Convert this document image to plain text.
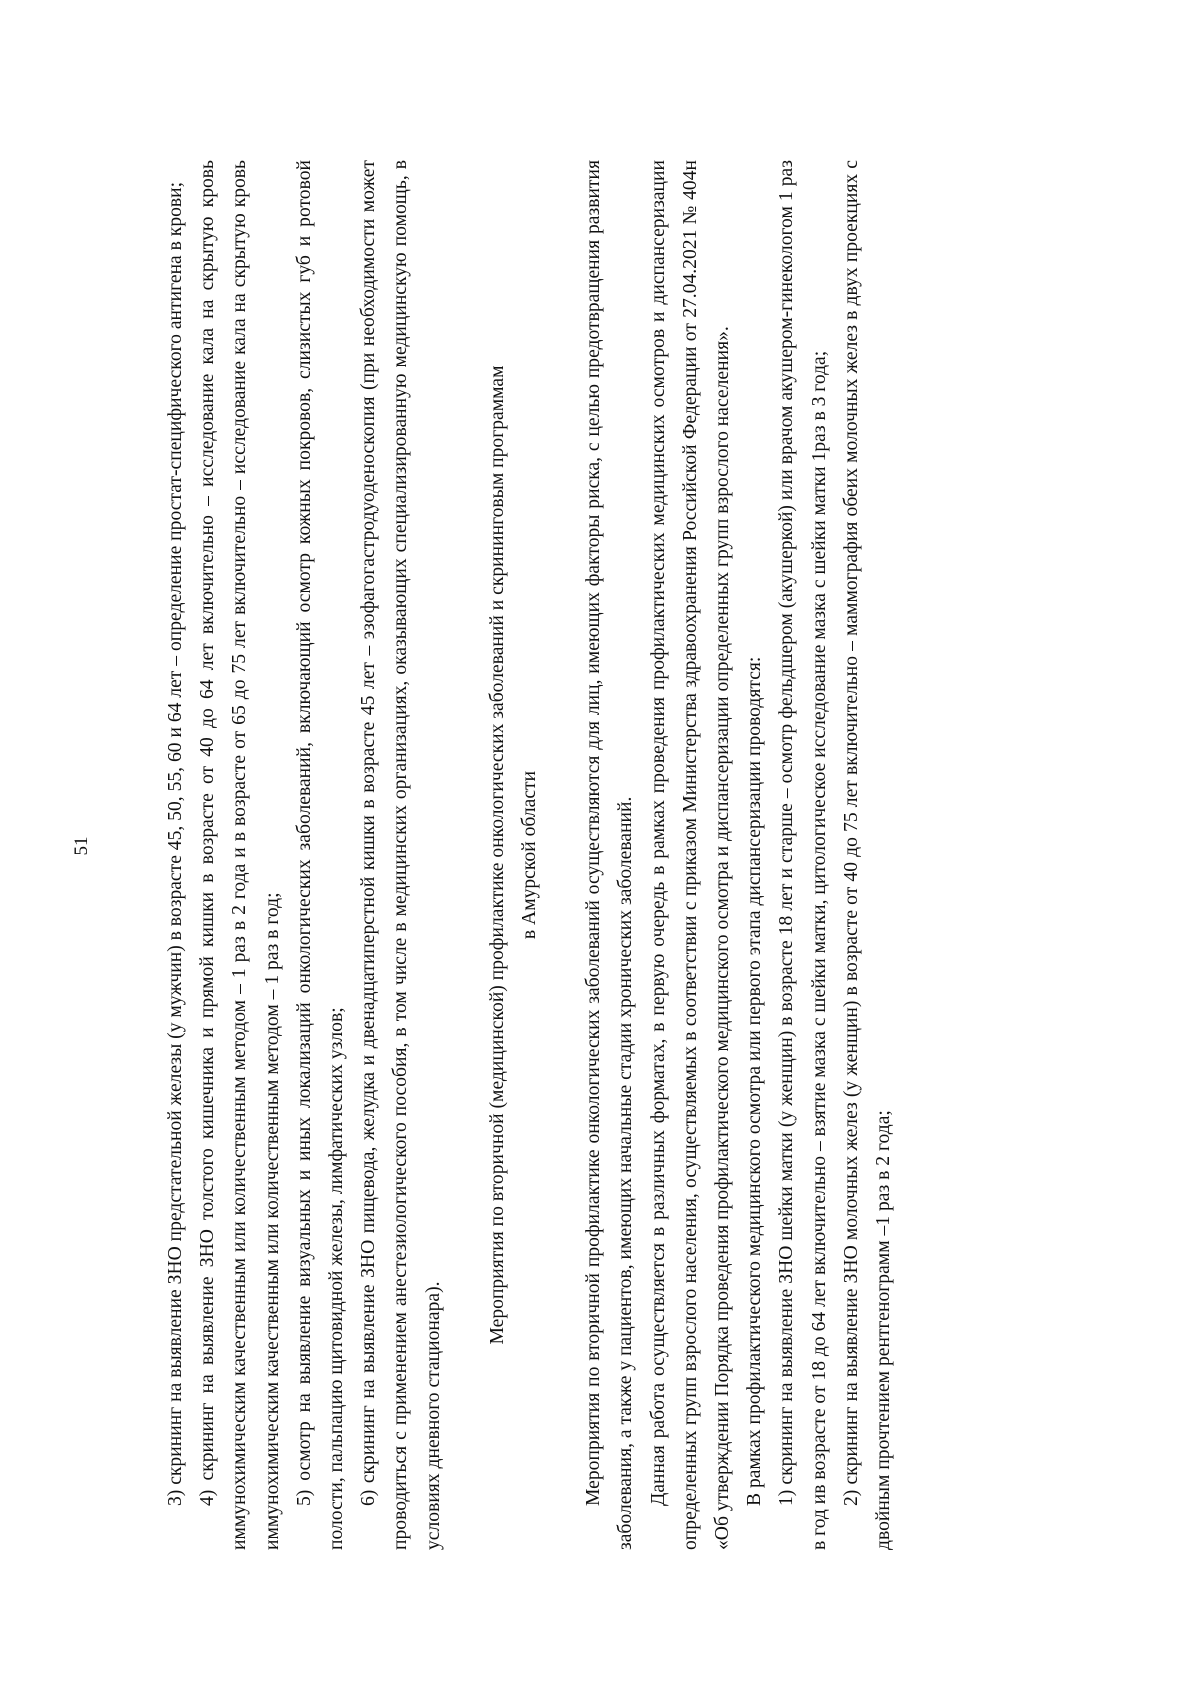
51	3) скрининг на выявление ЗНО предстательной железы (у мужчин) в возрасте 45, 50, 55, 60 и 64 лет – определение простат-специфического антигена в крови; 4) скрининг на выявление ЗНО толстого кишечника и прямой кишки в возрасте от 40 до 64 лет включительно – исследование кала на скрытую кровь иммунохимическим качественным или количественным методом – 1 раз в 2 года и в возрасте от 65 до 75 лет включительно – исследование кала на скрытую кровь иммунохимическим качественным или количественным методом – 1 раз в год; 5) осмотр на выявление визуальных и иных локализаций онкологических заболеваний, включающий осмотр кожных покровов, слизистых губ и ротовой полости, пальпацию щитовидной железы, лимфатических узлов; 6) скрининг на выявление ЗНО пищевода, желудка и двенадцатиперстной кишки в возрасте 45 лет – эзофагогастродуоденоскопия (при необходимости может проводиться с применением анестезиологического пособия, в том числе в медицинских организациях, оказывающих специализированную медицинскую помощь, в условиях дневного стационара).

Мероприятия по вторичной (медицинской) профилактике онкологических заболеваний и скрининговым программам в Амурской области	Мероприятия по вторичной профилактике онкологических заболеваний осуществляются для лиц, имеющих факторы риска, с целью предотвращения развития заболевания, а также у пациентов, имеющих начальные стадии хронических заболеваний. Данная работа осуществляется в различных форматах, в первую очередь в рамках проведения профилактических медицинских осмотров и диспансеризации определенных групп взрослого населения, осуществляемых в соответствии с приказом Министерства здравоохранения Российской Федерации от 27.04.2021 № 404н «Об утверждении Порядка проведения профилактического медицинского осмотра и диспансеризации определенных групп взрослого населения». В рамках профилактического медицинского осмотра или первого этапа диспансеризации проводятся: 1) скрининг на выявление ЗНО шейки матки (у женщин) в возрасте 18 лет и старше – осмотр фельдшером (акушеркой) или врачом акушером-гинекологом 1 раз в год ив возрасте от 18 до 64 лет включительно – взятие мазка с шейки матки, цитологическое исследование мазка с шейки матки 1раз в 3 года; 2) скрининг на выявление ЗНО молочных желез (у женщин) в возрасте от 40 до 75 лет включительно – маммография обеих молочных желез в двух проекциях с двойным прочтением рентгенограмм –1 раз в 2 года;
